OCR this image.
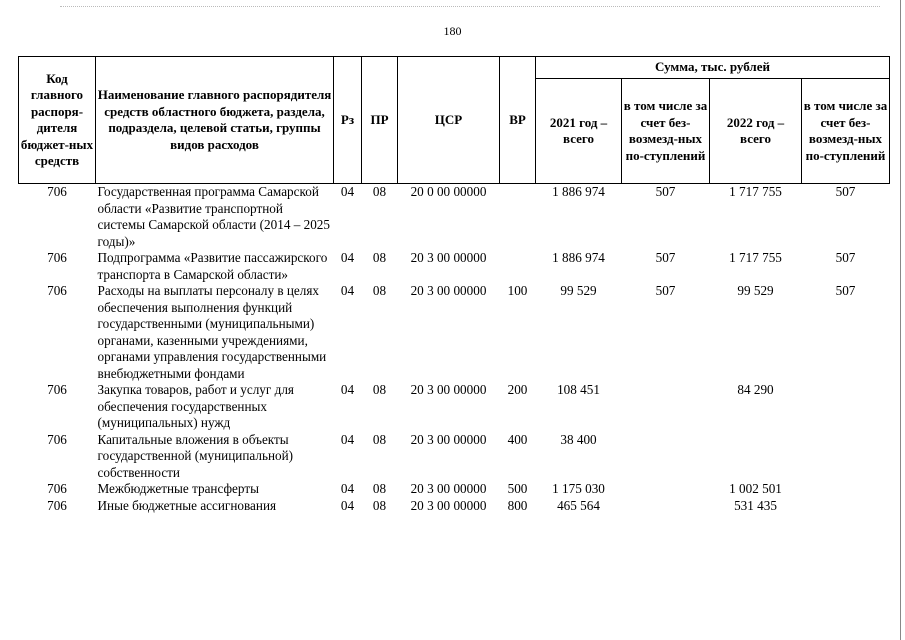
180
Код главного распоря-дителя бюджет-ных средств	Наименование главного распорядителя средств областного бюджета, раздела, подраздела, целевой статьи, группы видов расходов	Рз	ПР	ЦСР	ВР	Сумма, тыс. рублей			
						2021 год – всего	в том числе за счет без-возмезд-ных по-ступлений	2022 год – всего	в том числе за счет без-возмезд-ных по-ступлений
706	Государственная программа Самарской области «Развитие транспортной системы Самарской области (2014 – 2025 годы)»	04	08	20 0 00 00000		1 886 974	507	1 717 755	507
706	Подпрограмма «Развитие пассажирского транспорта в Самарской области»	04	08	20 3 00 00000		1 886 974	507	1 717 755	507
706	Расходы на выплаты персоналу в целях обеспечения выполнения функций государственными (муниципальными) органами, казенными учреждениями, органами управления государственными внебюджетными фондами	04	08	20 3 00 00000	100	99 529	507	99 529	507
706	Закупка товаров, работ и услуг для обеспечения государственных (муниципальных) нужд	04	08	20 3 00 00000	200	108 451		84 290	
706	Капитальные вложения в объекты государственной (муниципальной) собственности	04	08	20 3 00 00000	400	38 400			
706	Межбюджетные трансферты	04	08	20 3 00 00000	500	1 175 030		1 002 501	
706	Иные бюджетные ассигнования	04	08	20 3 00 00000	800	465 564		531 435	
